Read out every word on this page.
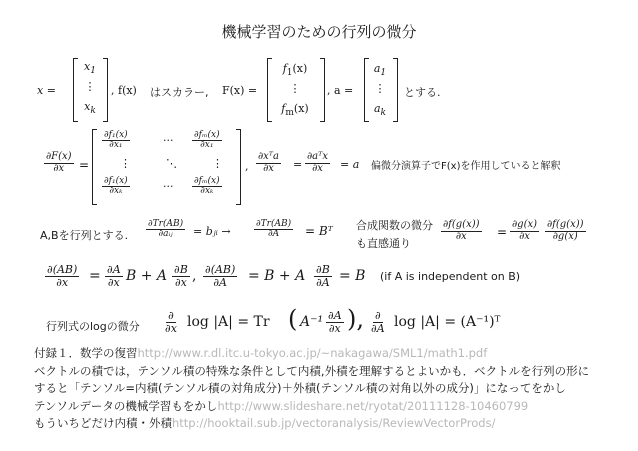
機械学習のための行列の微分
x =
$x_1$
⋮
$x_k$
, f(x) はスカラー, F(x) =
$f_1(x)$
⋮
$f_m(x)$
, a =
$a_1$
⋮
$a_k$
とする.
$\frac{\partial F(x)}{\partial x}$ =
$\frac{\text{∂f₁(x)}}{\text{∂x₁}}$	··· $\frac{\text{∂fₘ(x)}}{\text{∂x₁}}$
⋮	⋱	⋮
$\frac{\text{∂f₁(x)}}{\text{∂xₖ}}$	··· $\frac{\text{∂fₘ(x)}}{\text{∂xₖ}}$
, $\frac{\text{∂xᵀa}}{\partial x} = \frac{\text{∂aᵀx}}{\partial x} = a$ 偏微分演算子でF(x)を作用していると解釈
A,Bを行列とする. $\frac{\partial Tr(AB)}{\text{∂aᵢⱼ}}$ = bⱼᵢ →	$\frac{\partial Tr(AB)}{\partial A}$ = Bᵀ 合成関数の微分
も直感通り
$\frac{\partial f(g(x))}{\partial x} = \frac{\partial g(x)}{\partial x} \frac{\partial f(g(x))}{\partial g(x)}$
$\frac{\partial(AB)}{\partial x} = \frac{\partial A}{\partial x}$ B + A $\frac{\partial B}{\partial x}$ , $\frac{\partial(AB)}{\partial A} = B + A \frac{\partial B}{\partial A} = B$ (if A is independent on B)
行列式のlogの微分 $\frac{\partial}{\partial x}$ log |A| = Tr ( $A^{-1} \frac{\partial A}{\partial x}$ ), $\frac{\partial}{\partial A}$ log |A| = (A⁻¹)ᵀ
付録１．数学の復習http://www.r.dl.itc.u-tokyo.ac.jp/~nakagawa/SML1/math1.pdf
ベクトルの積では，テンソル積の特殊な条件として内積,外積を理解するとよいかも．ベクトルを行列の形に
すると「テンソル=内積(テンソル積の対角成分)＋外積(テンソル積の対角以外の成分)」になってをかし
テンソルデータの機械学習もをかしhttp://www.slideshare.net/ryotat/20111128-10460799
もういちどだけ内積・外積http://hooktail.sub.jp/vectoranalysis/ReviewVectorProds/
